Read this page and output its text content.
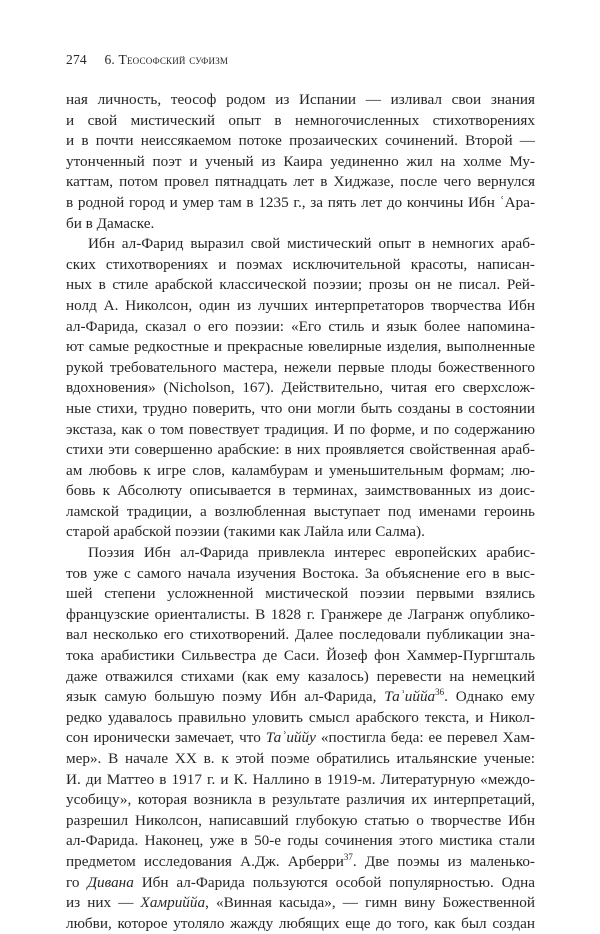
274 6. Теософский суфизм

ная личность, теософ родом из Испании — изливал свои знания
и свой мистический опыт в немногочисленных стихотворениях
и в почти неиссякаемом потоке прозаических сочинений. Второй —
утонченный поэт и ученый из Каира уединенно жил на холме Му-
каттам, потом провел пятнадцать лет в Хиджазе, после чего вернулся
в родной город и умер там в 1235 г., за пять лет до кончины Ибн ʿАра-
би в Дамаске.

Ибн ал-Фарид выразил свой мистический опыт в немногих араб-
ских стихотворениях и поэмах исключительной красоты, написан-
ных в стиле арабской классической поэзии; прозы он не писал. Рей-
нолд А. Николсон, один из лучших интерпретаторов творчества Ибн
ал-Фарида, сказал о его поэзии: «Его стиль и язык более напомина-
ют самые редкостные и прекрасные ювелирные изделия, выполненные
рукой требовательного мастера, нежели первые плоды божественного
вдохновения» (Nicholson, 167). Действительно, читая его сверхслож-
ные стихи, трудно поверить, что они могли быть созданы в состоянии
экстаза, как о том повествует традиция. И по форме, и по содержанию
стихи эти совершенно арабские: в них проявляется свойственная араб-
ам любовь к игре слов, каламбурам и уменьшительным формам; лю-
бовь к Абсолюту описывается в терминах, заимствованных из доис-
ламской традиции, а возлюбленная выступает под именами героинь
старой арабской поэзии (такими как Лайла или Салма).

Поэзия Ибн ал-Фарида привлекла интерес европейских арабис-
тов уже с самого начала изучения Востока. За объяснение его в выс-
шей степени усложненной мистической поэзии первыми взялись
французские ориенталисты. В 1828 г. Гранжере де Лагранж опублико-
вал несколько его стихотворений. Далее последовали публикации зна-
тока арабистики Сильвестра де Саси. Йозеф фон Хаммер-Пургшталь
даже отважился стихами (как ему казалось) перевести на немецкий
язык самую большую поэму Ибн ал-Фарида, Таʾиййа$^{36}$. Однако ему
редко удавалось правильно уловить смысл арабского текста, и Никол-
сон иронически замечает, что Таʾиййу «постигла беда: ее перевел Хам-
мер». В начале XX в. к этой поэме обратились итальянские ученые:
И. ди Маттео в 1917 г. и К. Наллино в 1919-м. Литературную «междо-
усобицу», которая возникла в результате различия их интерпретаций,
разрешил Николсон, написавший глубокую статью о творчестве Ибн
ал-Фарида. Наконец, уже в 50-е годы сочинения этого мистика стали
предметом исследования А.Дж. Арберри$^{37}$. Две поэмы из маленько-
го Дивана Ибн ал-Фарида пользуются особой популярностью. Одна
из них — Хамриййа, «Винная касыда», — гимн вину Божественной
любви, которое утоляло жажду любящих еще до того, как был создан
